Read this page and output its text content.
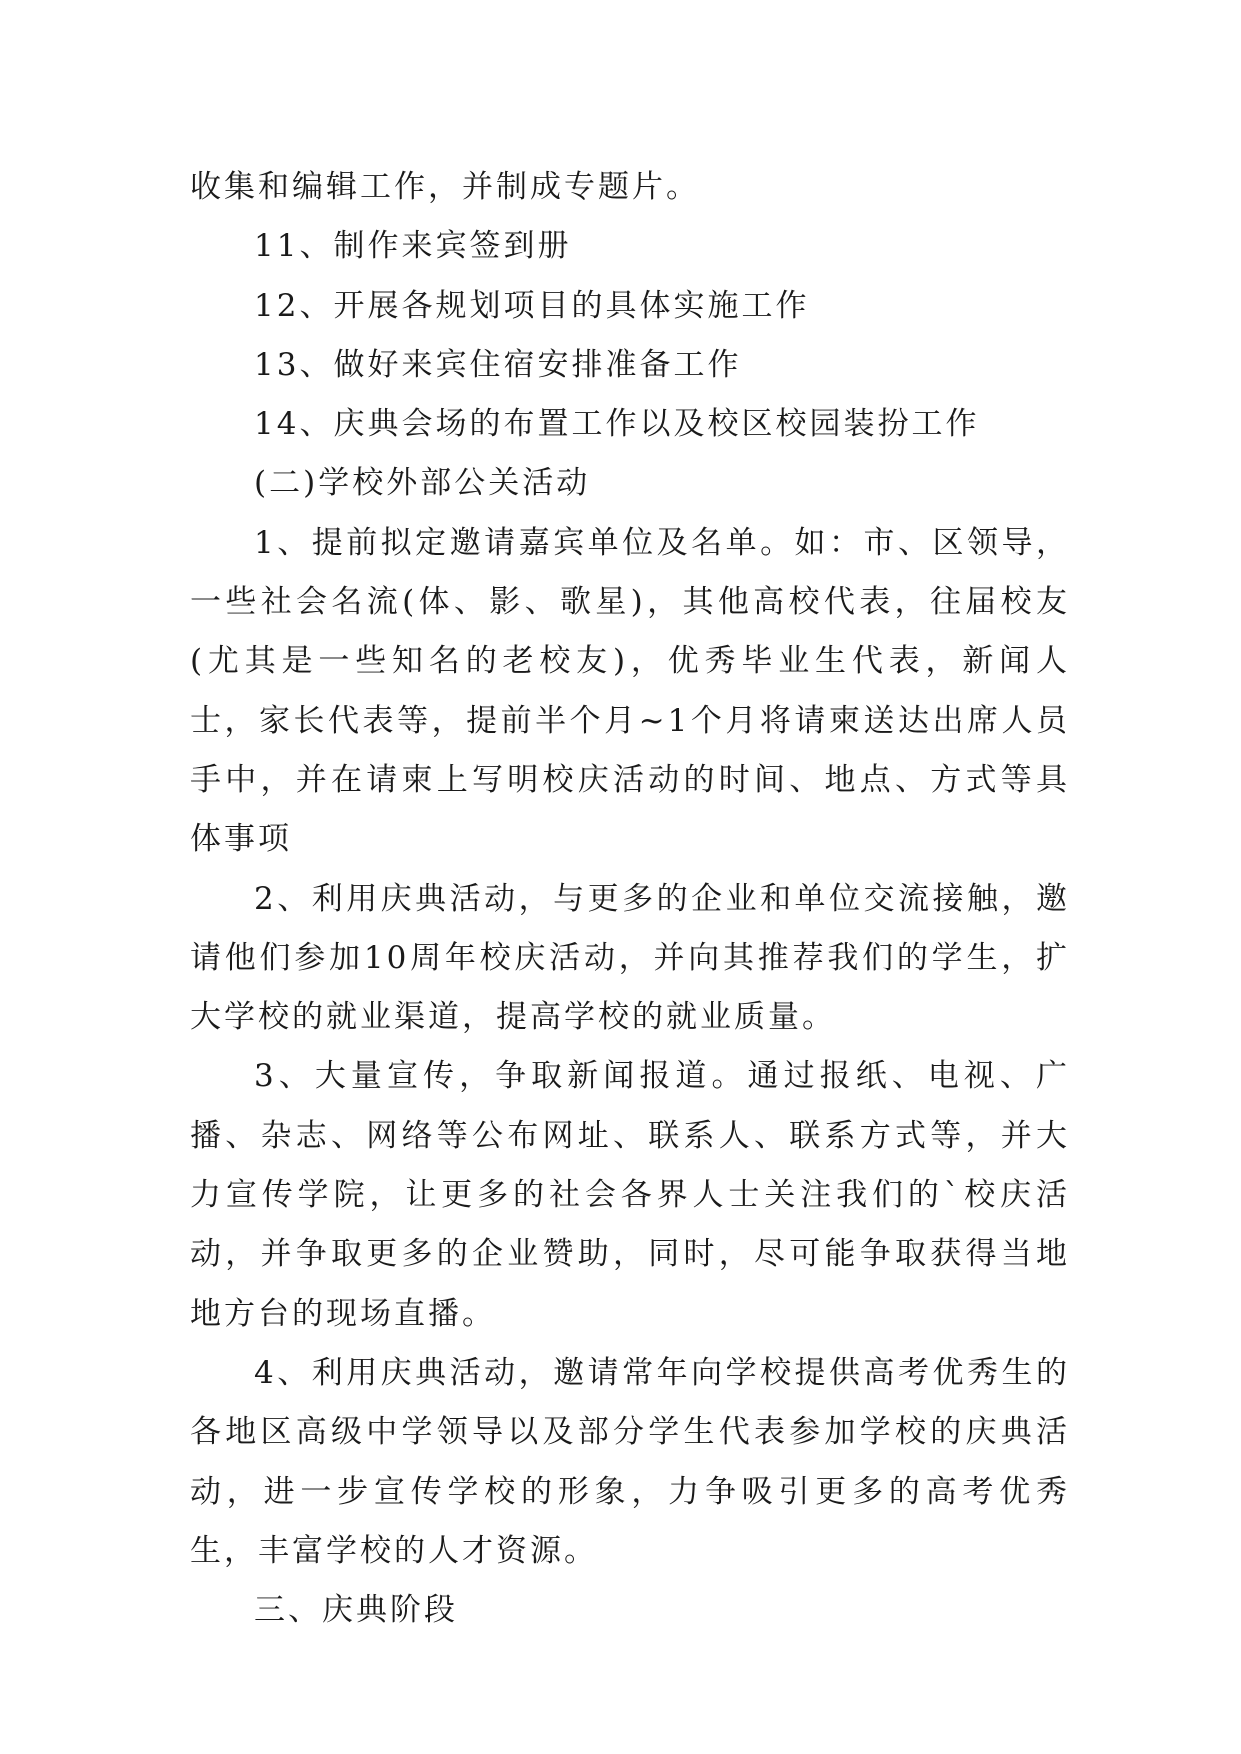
收集和编辑工作，并制成专题片。

11、制作来宾签到册

12、开展各规划项目的具体实施工作

13、做好来宾住宿安排准备工作

14、庆典会场的布置工作以及校区校园装扮工作

(二)学校外部公关活动

1、提前拟定邀请嘉宾单位及名单。如：市、区领导，一些社会名流(体、影、歌星)，其他高校代表，往届校友(尤其是一些知名的老校友)，优秀毕业生代表，新闻人士，家长代表等，提前半个月~1个月将请柬送达出席人员手中，并在请柬上写明校庆活动的时间、地点、方式等具体事项

2、利用庆典活动，与更多的企业和单位交流接触，邀请他们参加10周年校庆活动，并向其推荐我们的学生，扩大学校的就业渠道，提高学校的就业质量。

3、大量宣传，争取新闻报道。通过报纸、电视、广播、杂志、网络等公布网址、联系人、联系方式等，并大力宣传学院，让更多的社会各界人士关注我们的`校庆活动，并争取更多的企业赞助，同时，尽可能争取获得当地地方台的现场直播。

4、利用庆典活动，邀请常年向学校提供高考优秀生的各地区高级中学领导以及部分学生代表参加学校的庆典活动，进一步宣传学校的形象，力争吸引更多的高考优秀生，丰富学校的人才资源。

三、庆典阶段
